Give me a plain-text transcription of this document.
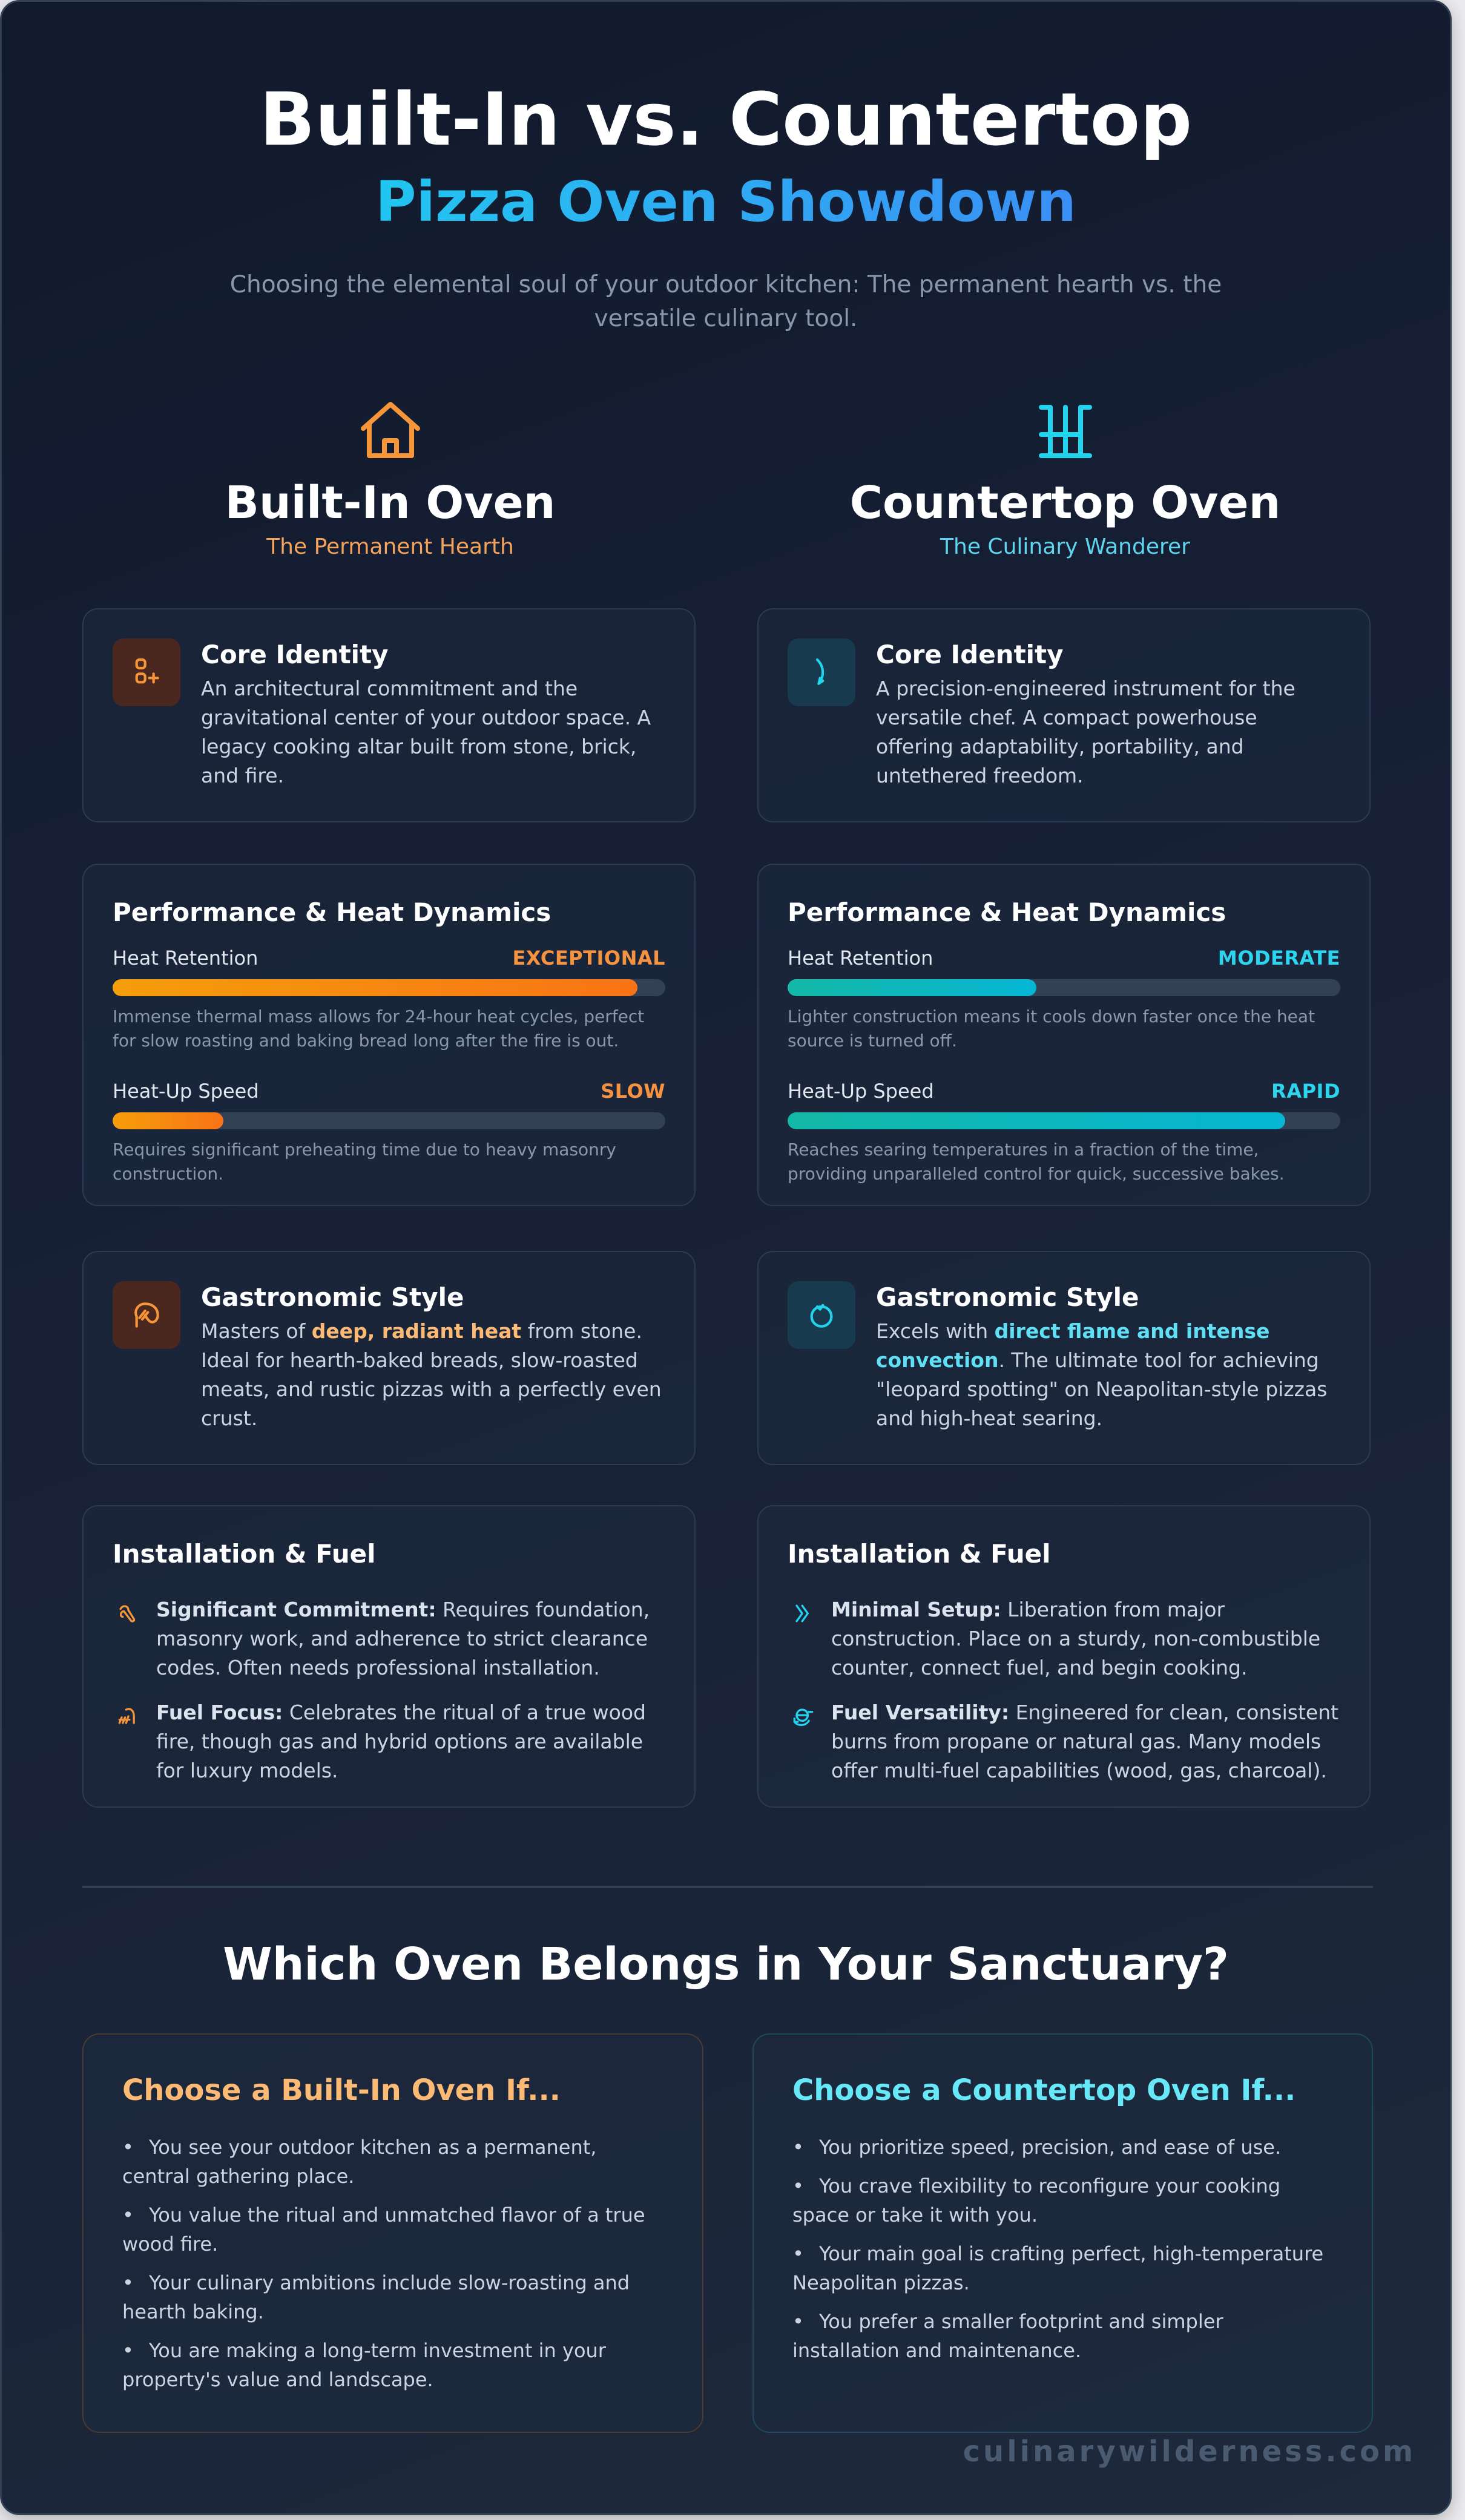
Built-In vs. Countertop
Pizza Oven Showdown

Choosing the elemental soul of your outdoor kitchen: The permanent hearth vs. the versatile culinary tool.

Built-In Oven
The Permanent Hearth
Countertop Oven
The Culinary Wanderer
Core Identity
An architectural commitment and the gravitational center of your outdoor space. A legacy cooking altar built from stone, brick, and fire.
Core Identity
A precision-engineered instrument for the versatile chef. A compact powerhouse offering adaptability, portability, and untethered freedom.
Performance & Heat Dynamics
Heat Retention	EXCEPTIONAL
Immense thermal mass allows for 24-hour heat cycles, perfect for slow roasting and baking bread long after the fire is out.
Heat-Up Speed	SLOW
Requires significant preheating time due to heavy masonry construction.
Performance & Heat Dynamics
Heat Retention	MODERATE
Lighter construction means it cools down faster once the heat source is turned off.
Heat-Up Speed	RAPID
Reaches searing temperatures in a fraction of the time, providing unparalleled control for quick, successive bakes.
Gastronomic Style
Masters of deep, radiant heat from stone. Ideal for hearth-baked breads, slow-roasted meats, and rustic pizzas with a perfectly even crust.
Gastronomic Style
Excels with direct flame and intense convection. The ultimate tool for achieving "leopard spotting" on Neapolitan-style pizzas and high-heat searing.
Installation & Fuel
Significant Commitment: Requires foundation, masonry work, and adherence to strict clearance codes. Often needs professional installation.
Fuel Focus: Celebrates the ritual of a true wood fire, though gas and hybrid options are available for luxury models.
Installation & Fuel
Minimal Setup: Liberation from major construction. Place on a sturdy, non-combustible counter, connect fuel, and begin cooking.
Fuel Versatility: Engineered for clean, consistent burns from propane or natural gas. Many models offer multi-fuel capabilities (wood, gas, charcoal).
Which Oven Belongs in Your Sanctuary?
Choose a Built-In Oven If...
• You see your outdoor kitchen as a permanent, central gathering place.
• You value the ritual and unmatched flavor of a true wood fire.
• Your culinary ambitions include slow-roasting and hearth baking.
• You are making a long-term investment in your property's value and landscape.
Choose a Countertop Oven If...
• You prioritize speed, precision, and ease of use.
• You crave flexibility to reconfigure your cooking space or take it with you.
• Your main goal is crafting perfect, high-temperature Neapolitan pizzas.
• You prefer a smaller footprint and simpler installation and maintenance.
culinarywilderness.com
